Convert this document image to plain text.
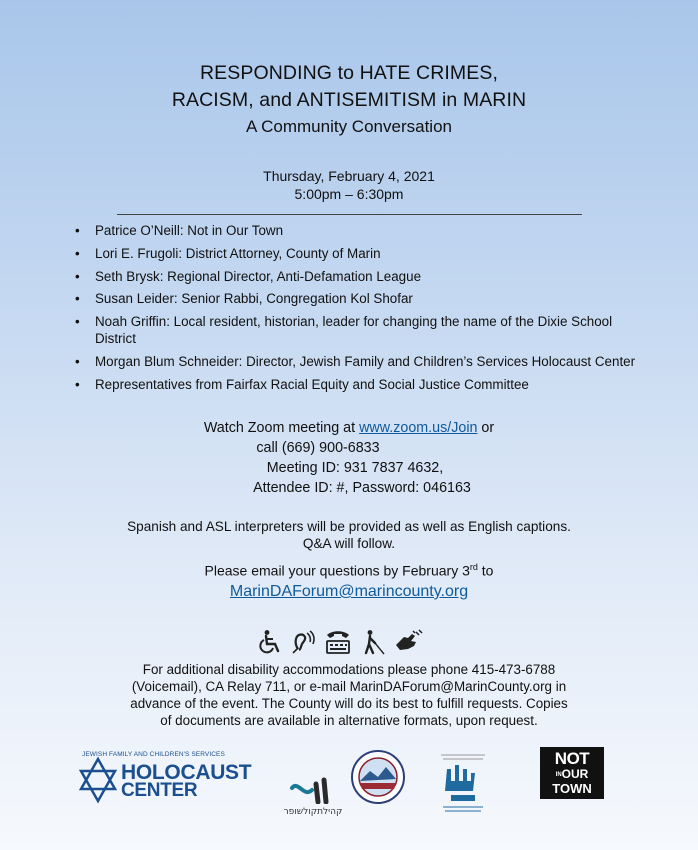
RESPONDING to HATE CRIMES,
RACISM, and ANTISEMITISM in MARIN
A Community Conversation
Thursday, February 4, 2021
5:00pm – 6:30pm
• Patrice O’Neill: Not in Our Town
• Lori E. Frugoli: District Attorney, County of Marin
• Seth Brysk: Regional Director, Anti-Defamation League
• Susan Leider: Senior Rabbi, Congregation Kol Shofar
• Noah Griffin: Local resident, historian, leader for changing the name of the Dixie School District
• Morgan Blum Schneider: Director, Jewish Family and Children’s Services Holocaust Center
• Representatives from Fairfax Racial Equity and Social Justice Committee
Watch Zoom meeting at www.zoom.us/Join or
call (669) 900-6833
Meeting ID: 931 7837 4632,
Attendee ID: #, Password: 046163
Spanish and ASL interpreters will be provided as well as English captions.
Q&A will follow.
Please email your questions by February 3rd to
MarinDAForum@marincounty.org
For additional disability accommodations please phone 415-473-6788
(Voicemail), CA Relay 711, or e-mail MarinDAForum@MarinCounty.org in
advance of the event. The County will do its best to fulfill requests. Copies
of documents are available in alternative formats, upon request.
JEWISH FAMILY AND CHILDREN'S SERVICES
HOLOCAUST
CENTER
קהילתקולשופר
NOT
INOUR
TOWN
